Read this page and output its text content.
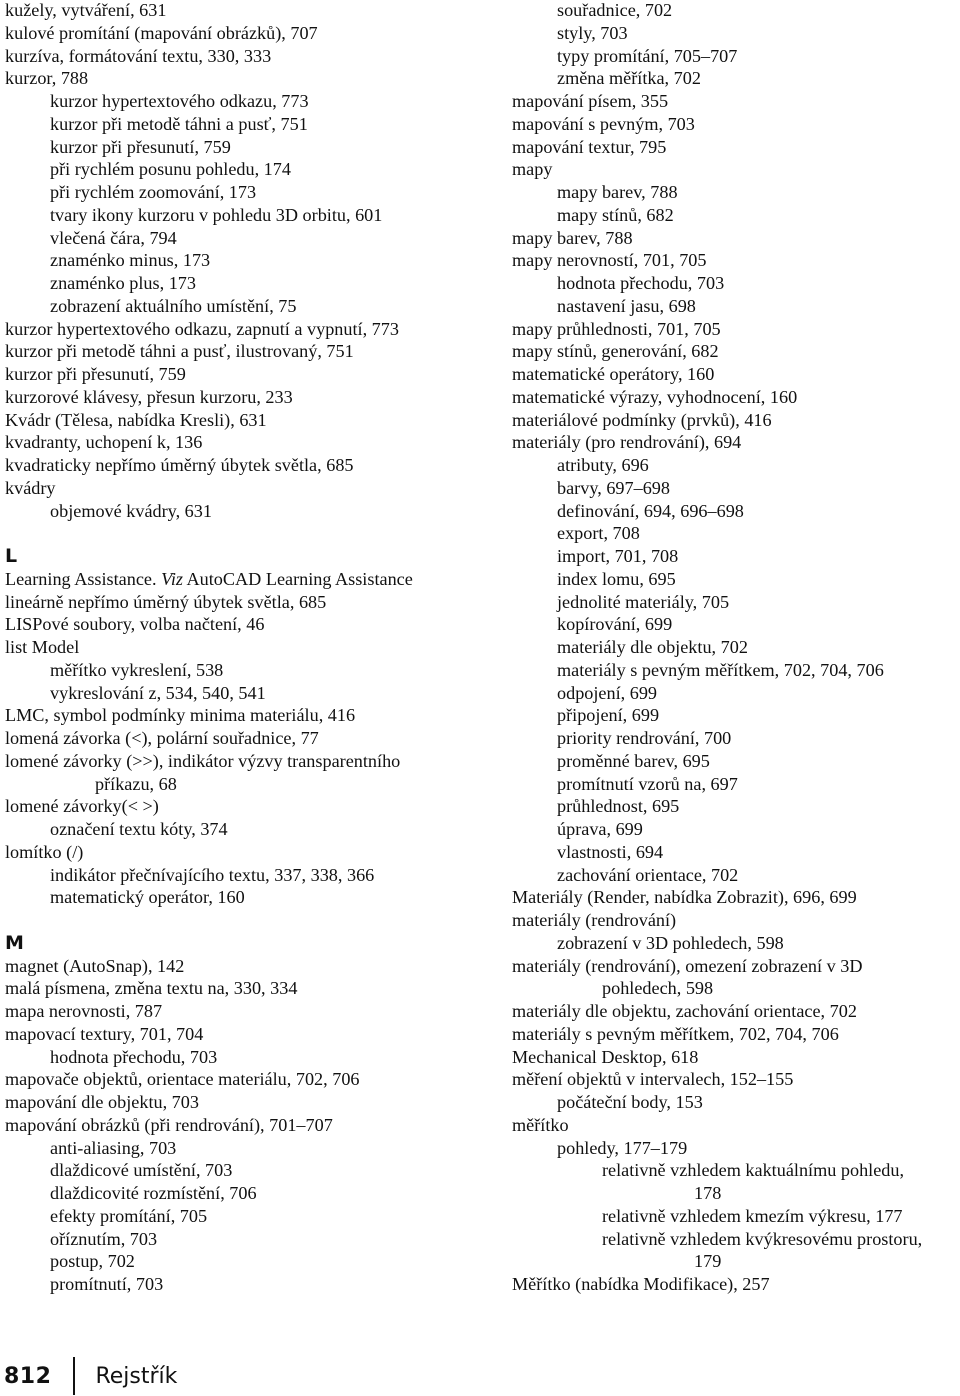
kužely, vytváření, 631
kulové promítání (mapování obrázků), 707
kurzíva, formátování textu, 330, 333
kurzor, 788
kurzor hypertextového odkazu, 773
kurzor při metodě táhni a pusť, 751
kurzor při přesunutí, 759
při rychlém posunu pohledu, 174
při rychlém zoomování, 173
tvary ikony kurzoru v pohledu 3D orbitu, 601
vlečená čára, 794
znaménko minus, 173
znaménko plus, 173
zobrazení aktuálního umístění, 75
kurzor hypertextového odkazu, zapnutí a vypnutí, 773
kurzor při metodě táhni a pusť, ilustrovaný, 751
kurzor při přesunutí, 759
kurzorové klávesy, přesun kurzoru, 233
Kvádr (Tělesa, nabídka Kresli), 631
kvadranty, uchopení k, 136
kvadraticky nepřímo úměrný úbytek světla, 685
kvádry
objemové kvádry, 631
L
Learning Assistance. Viz AutoCAD Learning Assistance
lineárně nepřímo úměrný úbytek světla, 685
LISPové soubory, volba načtení, 46
list Model
měřítko vykreslení, 538
vykreslování z, 534, 540, 541
LMC, symbol podmínky minima materiálu, 416
lomená závorka (<), polární souřadnice, 77
lomené závorky (>>), indikátor výzvy transparentního
příkazu, 68
lomené závorky(< >)
označení textu kóty, 374
lomítko (/)
indikátor přečnívajícího textu, 337, 338, 366
matematický operátor, 160
M
magnet (AutoSnap), 142
malá písmena, změna textu na, 330, 334
mapa nerovnosti, 787
mapovací textury, 701, 704
hodnota přechodu, 703
mapovače objektů, orientace materiálu, 702, 706
mapování dle objektu, 703
mapování obrázků (při rendrování), 701–707
anti-aliasing, 703
dlaždicové umístění, 703
dlaždicovité rozmístění, 706
efekty promítání, 705
oříznutím, 703
postup, 702
promítnutí, 703
souřadnice, 702
styly, 703
typy promítání, 705–707
změna měřítka, 702
mapování písem, 355
mapování s pevným, 703
mapování textur, 795
mapy
mapy barev, 788
mapy stínů, 682
mapy barev, 788
mapy nerovností, 701, 705
hodnota přechodu, 703
nastavení jasu, 698
mapy průhlednosti, 701, 705
mapy stínů, generování, 682
matematické operátory, 160
matematické výrazy, vyhodnocení, 160
materiálové podmínky (prvků), 416
materiály (pro rendrování), 694
atributy, 696
barvy, 697–698
definování, 694, 696–698
export, 708
import, 701, 708
index lomu, 695
jednolité materiály, 705
kopírování, 699
materiály dle objektu, 702
materiály s pevným měřítkem, 702, 704, 706
odpojení, 699
připojení, 699
priority rendrování, 700
proměnné barev, 695
promítnutí vzorů na, 697
průhlednost, 695
úprava, 699
vlastnosti, 694
zachování orientace, 702
Materiály (Render, nabídka Zobrazit), 696, 699
materiály (rendrování)
zobrazení v 3D pohledech, 598
materiály (rendrování), omezení zobrazení v 3D
pohledech, 598
materiály dle objektu, zachování orientace, 702
materiály s pevným měřítkem, 702, 704, 706
Mechanical Desktop, 618
měření objektů v intervalech, 152–155
počáteční body, 153
měřítko
pohledy, 177–179
relativně vzhledem kaktuálnímu pohledu,
178
relativně vzhledem kmezím výkresu, 177
relativně vzhledem kvýkresovému prostoru,
179
Měřítko (nabídka Modifikace), 257
812 Rejstřík
